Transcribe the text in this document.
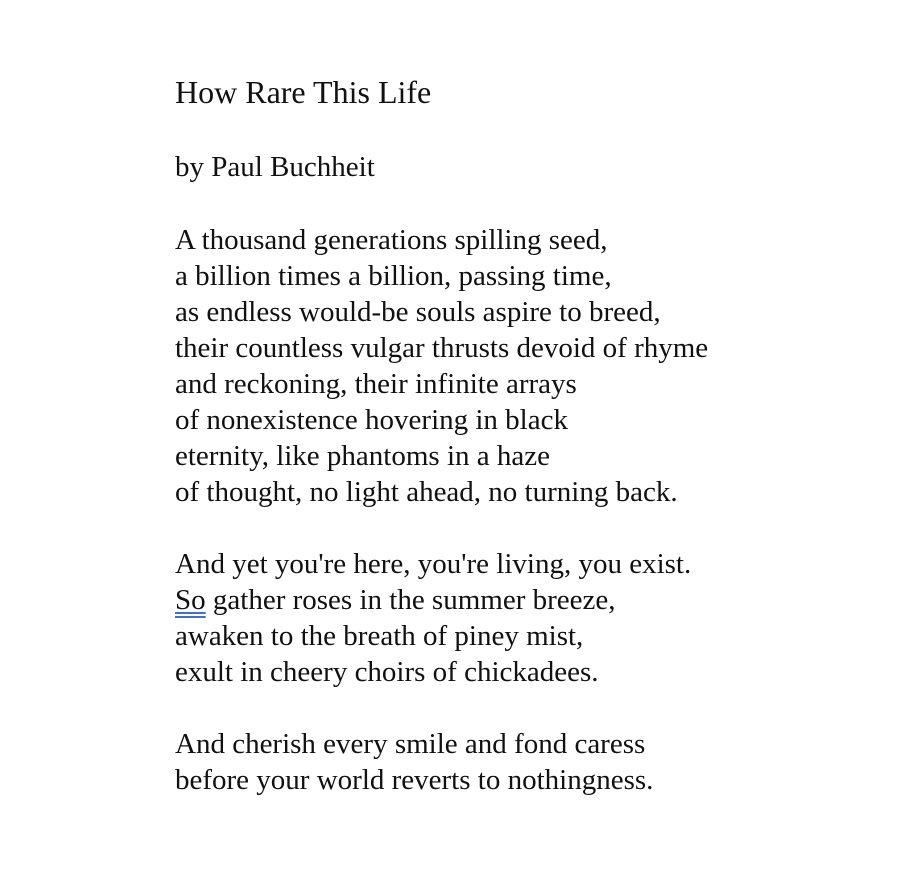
How Rare This Life
by Paul Buchheit
A thousand generations spilling seed,
a billion times a billion, passing time,
as endless would-be souls aspire to breed,
their countless vulgar thrusts devoid of rhyme
and reckoning, their infinite arrays
of nonexistence hovering in black
eternity, like phantoms in a haze
of thought, no light ahead, no turning back.
And yet you're here, you're living, you exist.
So gather roses in the summer breeze,
awaken to the breath of piney mist,
exult in cheery choirs of chickadees.
And cherish every smile and fond caress
before your world reverts to nothingness.
